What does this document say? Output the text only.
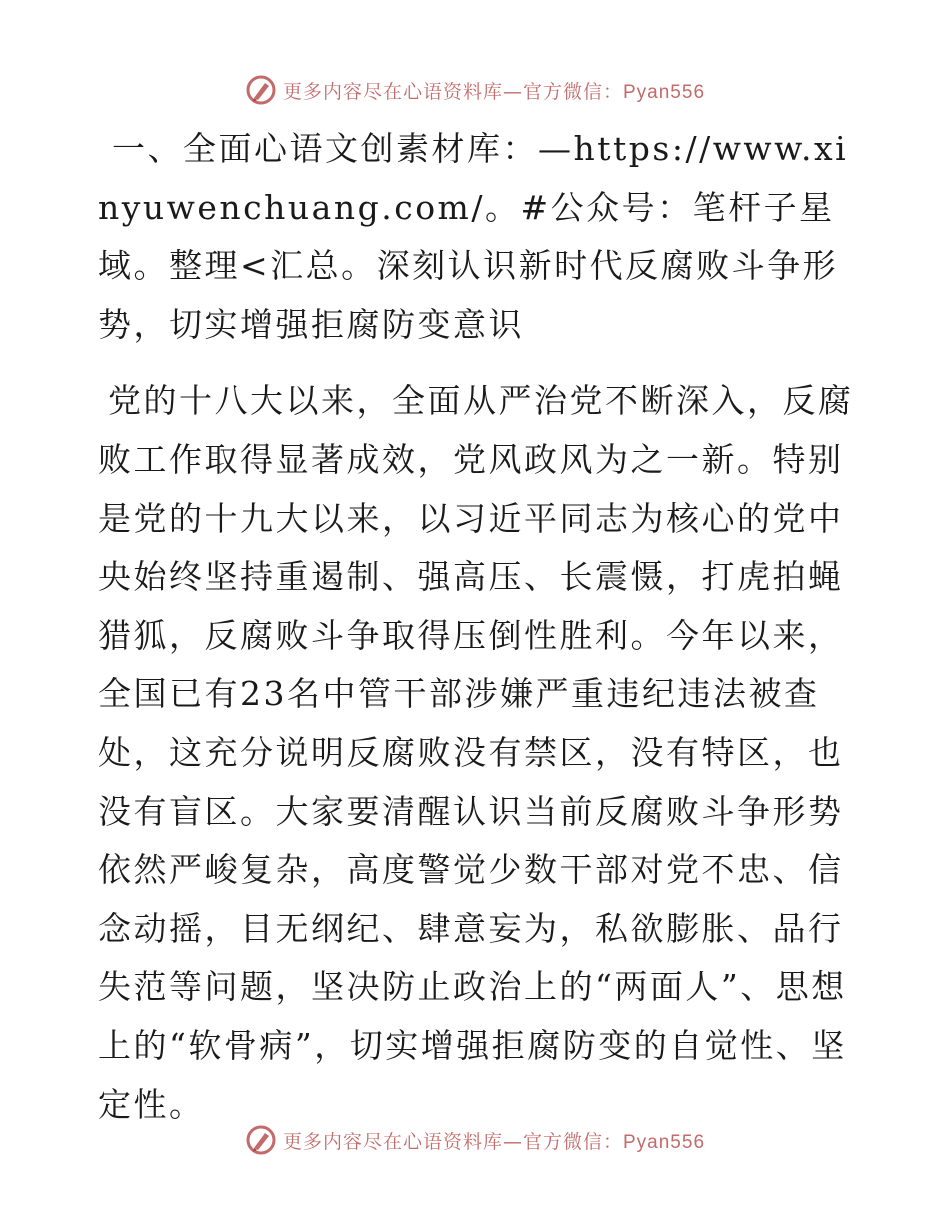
更多内容尽在心语资料库—官方微信：Pyan556

一、全面心语文创素材库：—https://www.xinyuwenchuang.com/。#公众号：笔杆子星域。整理<汇总。深刻认识新时代反腐败斗争形势，切实增强拒腐防变意识

党的十八大以来，全面从严治党不断深入，反腐败工作取得显著成效，党风政风为之一新。特别是党的十九大以来，以习近平同志为核心的党中央始终坚持重遏制、强高压、长震慑，打虎拍蝇猎狐，反腐败斗争取得压倒性胜利。今年以来，全国已有23名中管干部涉嫌严重违纪违法被查处，这充分说明反腐败没有禁区，没有特区，也没有盲区。大家要清醒认识当前反腐败斗争形势依然严峻复杂，高度警觉少数干部对党不忠、信念动摇，目无纲纪、肆意妄为，私欲膨胀、品行失范等问题，坚决防止政治上的“两面人”、思想上的“软骨病”，切实增强拒腐防变的自觉性、坚定性。

更多内容尽在心语资料库—官方微信：Pyan556
